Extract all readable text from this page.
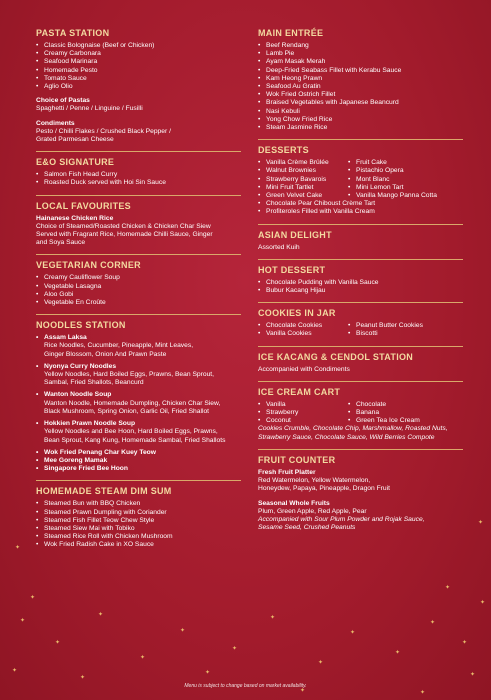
PASTA STATION
• Classic Bolognaise (Beef or Chicken)
• Creamy Carbonara
• Seafood Marinara
• Homemade Pesto
• Tomato Sauce
• Aglio Olio
Choice of Pastas
Spaghetti / Penne / Linguine / Fusilli
Condiments
Pesto / Chilli Flakes / Crushed Black Pepper /
Grated Parmesan Cheese
E&O SIGNATURE
• Salmon Fish Head Curry
• Roasted Duck served with Hoi Sin Sauce
LOCAL FAVOURITES
Hainanese Chicken Rice
Choice of Steamed/Roasted Chicken & Chicken Char Siew
Served with Fragrant Rice, Homemade Chilli Sauce, Ginger
and Soya Sauce
VEGETARIAN CORNER
• Creamy Cauliflower Soup
• Vegetable Lasagna
• Aloo Gobi
• Vegetable En Croûte
NOODLES STATION
• Assam Laksa
Rice Noodles, Cucumber, Pineapple, Mint Leaves,
Ginger Blossom, Onion And Prawn Paste
• Nyonya Curry Noodles
Yellow Noodles, Hard Boiled Eggs, Prawns, Bean Sprout,
Sambal, Fried Shallots, Beancurd
• Wanton Noodle Soup
Wanton Noodle, Homemade Dumpling, Chicken Char Siew,
Black Mushroom, Spring Onion, Garlic Oil, Fried Shallot
• Hokkien Prawn Noodle Soup
Yellow Noodles and Bee Hoon, Hard Boiled Eggs, Prawns,
Bean Sprout, Kang Kung, Homemade Sambal, Fried Shallots
• Wok Fried Penang Char Kuey Teow
• Mee Goreng Mamak
• Singapore Fried Bee Hoon
HOMEMADE STEAM DIM SUM
• Steamed Bun with BBQ Chicken
• Steamed Prawn Dumpling with Coriander
• Steamed Fish Fillet Teow Chew Style
• Steamed Siew Mai with Tobiko
• Steamed Rice Roll with Chicken Mushroom
• Wok Fried Radish Cake in XO Sauce
MAIN ENTRÉE
• Beef Rendang
• Lamb Pie
• Ayam Masak Merah
• Deep-Fried Seabass Fillet with Kerabu Sauce
• Kam Heong Prawn
• Seafood Au Gratin
• Wok Fried Ostrich Fillet
• Braised Vegetables with Japanese Beancurd
• Nasi Kebuli
• Yong Chow Fried Rice
• Steam Jasmine Rice
DESSERTS
• Vanilla Crème Brûlée
• Walnut Brownies
• Strawberry Bavarois
• Mini Fruit Tartlet
• Green Velvet Cake
• Fruit Cake
• Pistachio Opera
• Mont Blanc
• Mini Lemon Tart
• Vanilla Mango Panna Cotta
• Chocolate Pear Chiboust Crème Tart
• Profiteroles Filled with Vanilla Cream
ASIAN DELIGHT
Assorted Kuih
HOT DESSERT
• Chocolate Pudding with Vanilla Sauce
• Bubur Kacang Hijau
COOKIES IN JAR
• Chocolate Cookies
• Vanilla Cookies
• Peanut Butter Cookies
• Biscotti
ICE KACANG & CENDOL STATION
Accompanied with Condiments
ICE CREAM CART
• Vanilla
• Strawberry
• Coconut
• Chocolate
• Banana
• Green Tea Ice Cream
Cookies Crumble, Chocolate Chip, Marshmallow, Roasted Nuts,
Strawberry Sauce, Chocolate Sauce, Wild Berries Compote
FRUIT COUNTER
Fresh Fruit Platter
Red Watermelon, Yellow Watermelon,
Honeydew, Papaya, Pineapple, Dragon Fruit
Seasonal Whole Fruits
Plum, Green Apple, Red Apple, Pear
Accompanied with Sour Plum Powder and Rojak Sauce,
Sesame Seed, Crushed Peanuts
✦
✦
✦
✦
✦
✦
✦
✦
✦
✦
✦
✦
✦
✦
✦
✦
✦	✦
✦
✦
✦
✦
✦
Menu is subject to change based on market availability.
